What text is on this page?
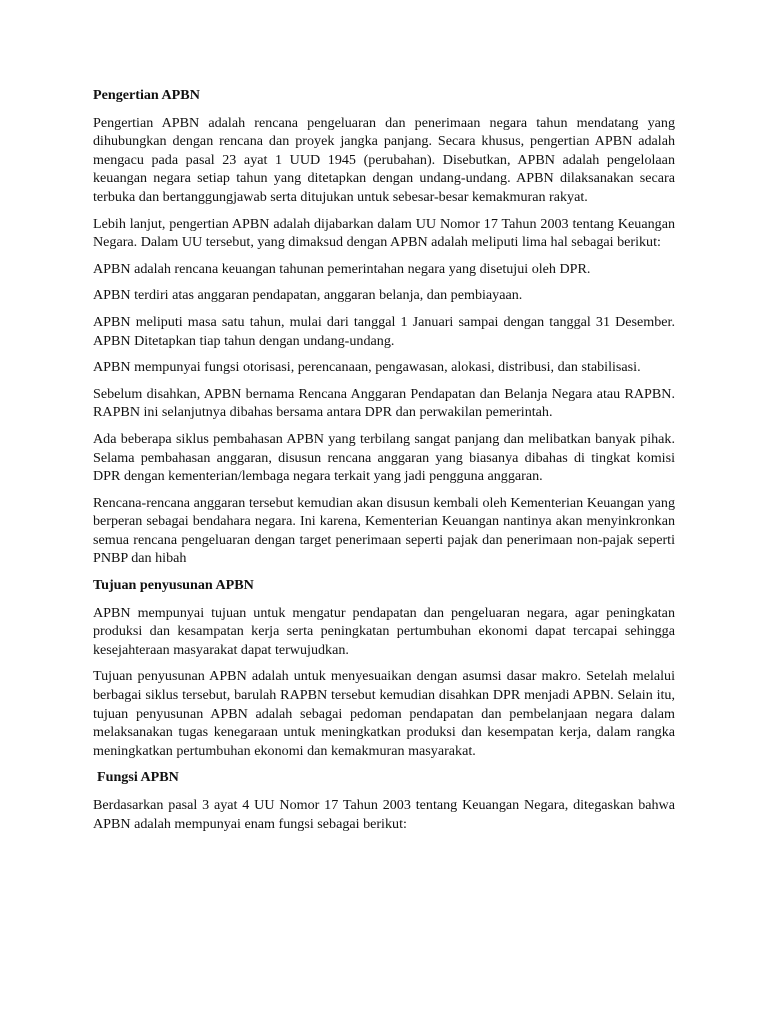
Pengertian APBN

Pengertian APBN adalah rencana pengeluaran dan penerimaan negara tahun mendatang yang dihubungkan dengan rencana dan proyek jangka panjang. Secara khusus, pengertian APBN adalah mengacu pada pasal 23 ayat 1 UUD 1945 (perubahan). Disebutkan, APBN adalah pengelolaan keuangan negara setiap tahun yang ditetapkan dengan undang-undang. APBN dilaksanakan secara terbuka dan bertanggungjawab serta ditujukan untuk sebesar-besar kemakmuran rakyat.

Lebih lanjut, pengertian APBN adalah dijabarkan dalam UU Nomor 17 Tahun 2003 tentang Keuangan Negara. Dalam UU tersebut, yang dimaksud dengan APBN adalah meliputi lima hal sebagai berikut:

APBN adalah rencana keuangan tahunan pemerintahan negara yang disetujui oleh DPR.

APBN terdiri atas anggaran pendapatan, anggaran belanja, dan pembiayaan.

APBN meliputi masa satu tahun, mulai dari tanggal 1 Januari sampai dengan tanggal 31 Desember. APBN Ditetapkan tiap tahun dengan undang-undang.

APBN mempunyai fungsi otorisasi, perencanaan, pengawasan, alokasi, distribusi, dan stabilisasi.

Sebelum disahkan, APBN bernama Rencana Anggaran Pendapatan dan Belanja Negara atau RAPBN. RAPBN ini selanjutnya dibahas bersama antara DPR dan perwakilan pemerintah.

Ada beberapa siklus pembahasan APBN yang terbilang sangat panjang dan melibatkan banyak pihak. Selama pembahasan anggaran, disusun rencana anggaran yang biasanya dibahas di tingkat komisi DPR dengan kementerian/lembaga negara terkait yang jadi pengguna anggaran.

Rencana-rencana anggaran tersebut kemudian akan disusun kembali oleh Kementerian Keuangan yang berperan sebagai bendahara negara. Ini karena, Kementerian Keuangan nantinya akan menyinkronkan semua rencana pengeluaran dengan target penerimaan seperti pajak dan penerimaan non-pajak seperti PNBP dan hibah

Tujuan penyusunan APBN

APBN mempunyai tujuan untuk mengatur pendapatan dan pengeluaran negara, agar peningkatan produksi dan kesampatan kerja serta peningkatan pertumbuhan ekonomi dapat tercapai sehingga kesejahteraan masyarakat dapat terwujudkan.

Tujuan penyusunan APBN adalah untuk menyesuaikan dengan asumsi dasar makro. Setelah melalui berbagai siklus tersebut, barulah RAPBN tersebut kemudian disahkan DPR menjadi APBN. Selain itu, tujuan penyusunan APBN adalah sebagai pedoman pendapatan dan pembelanjaan negara dalam melaksanakan tugas kenegaraan untuk meningkatkan produksi dan kesempatan kerja, dalam rangka meningkatkan pertumbuhan ekonomi dan kemakmuran masyarakat.

Fungsi APBN

Berdasarkan pasal 3 ayat 4 UU Nomor 17 Tahun 2003 tentang Keuangan Negara, ditegaskan bahwa APBN adalah mempunyai enam fungsi sebagai berikut:
